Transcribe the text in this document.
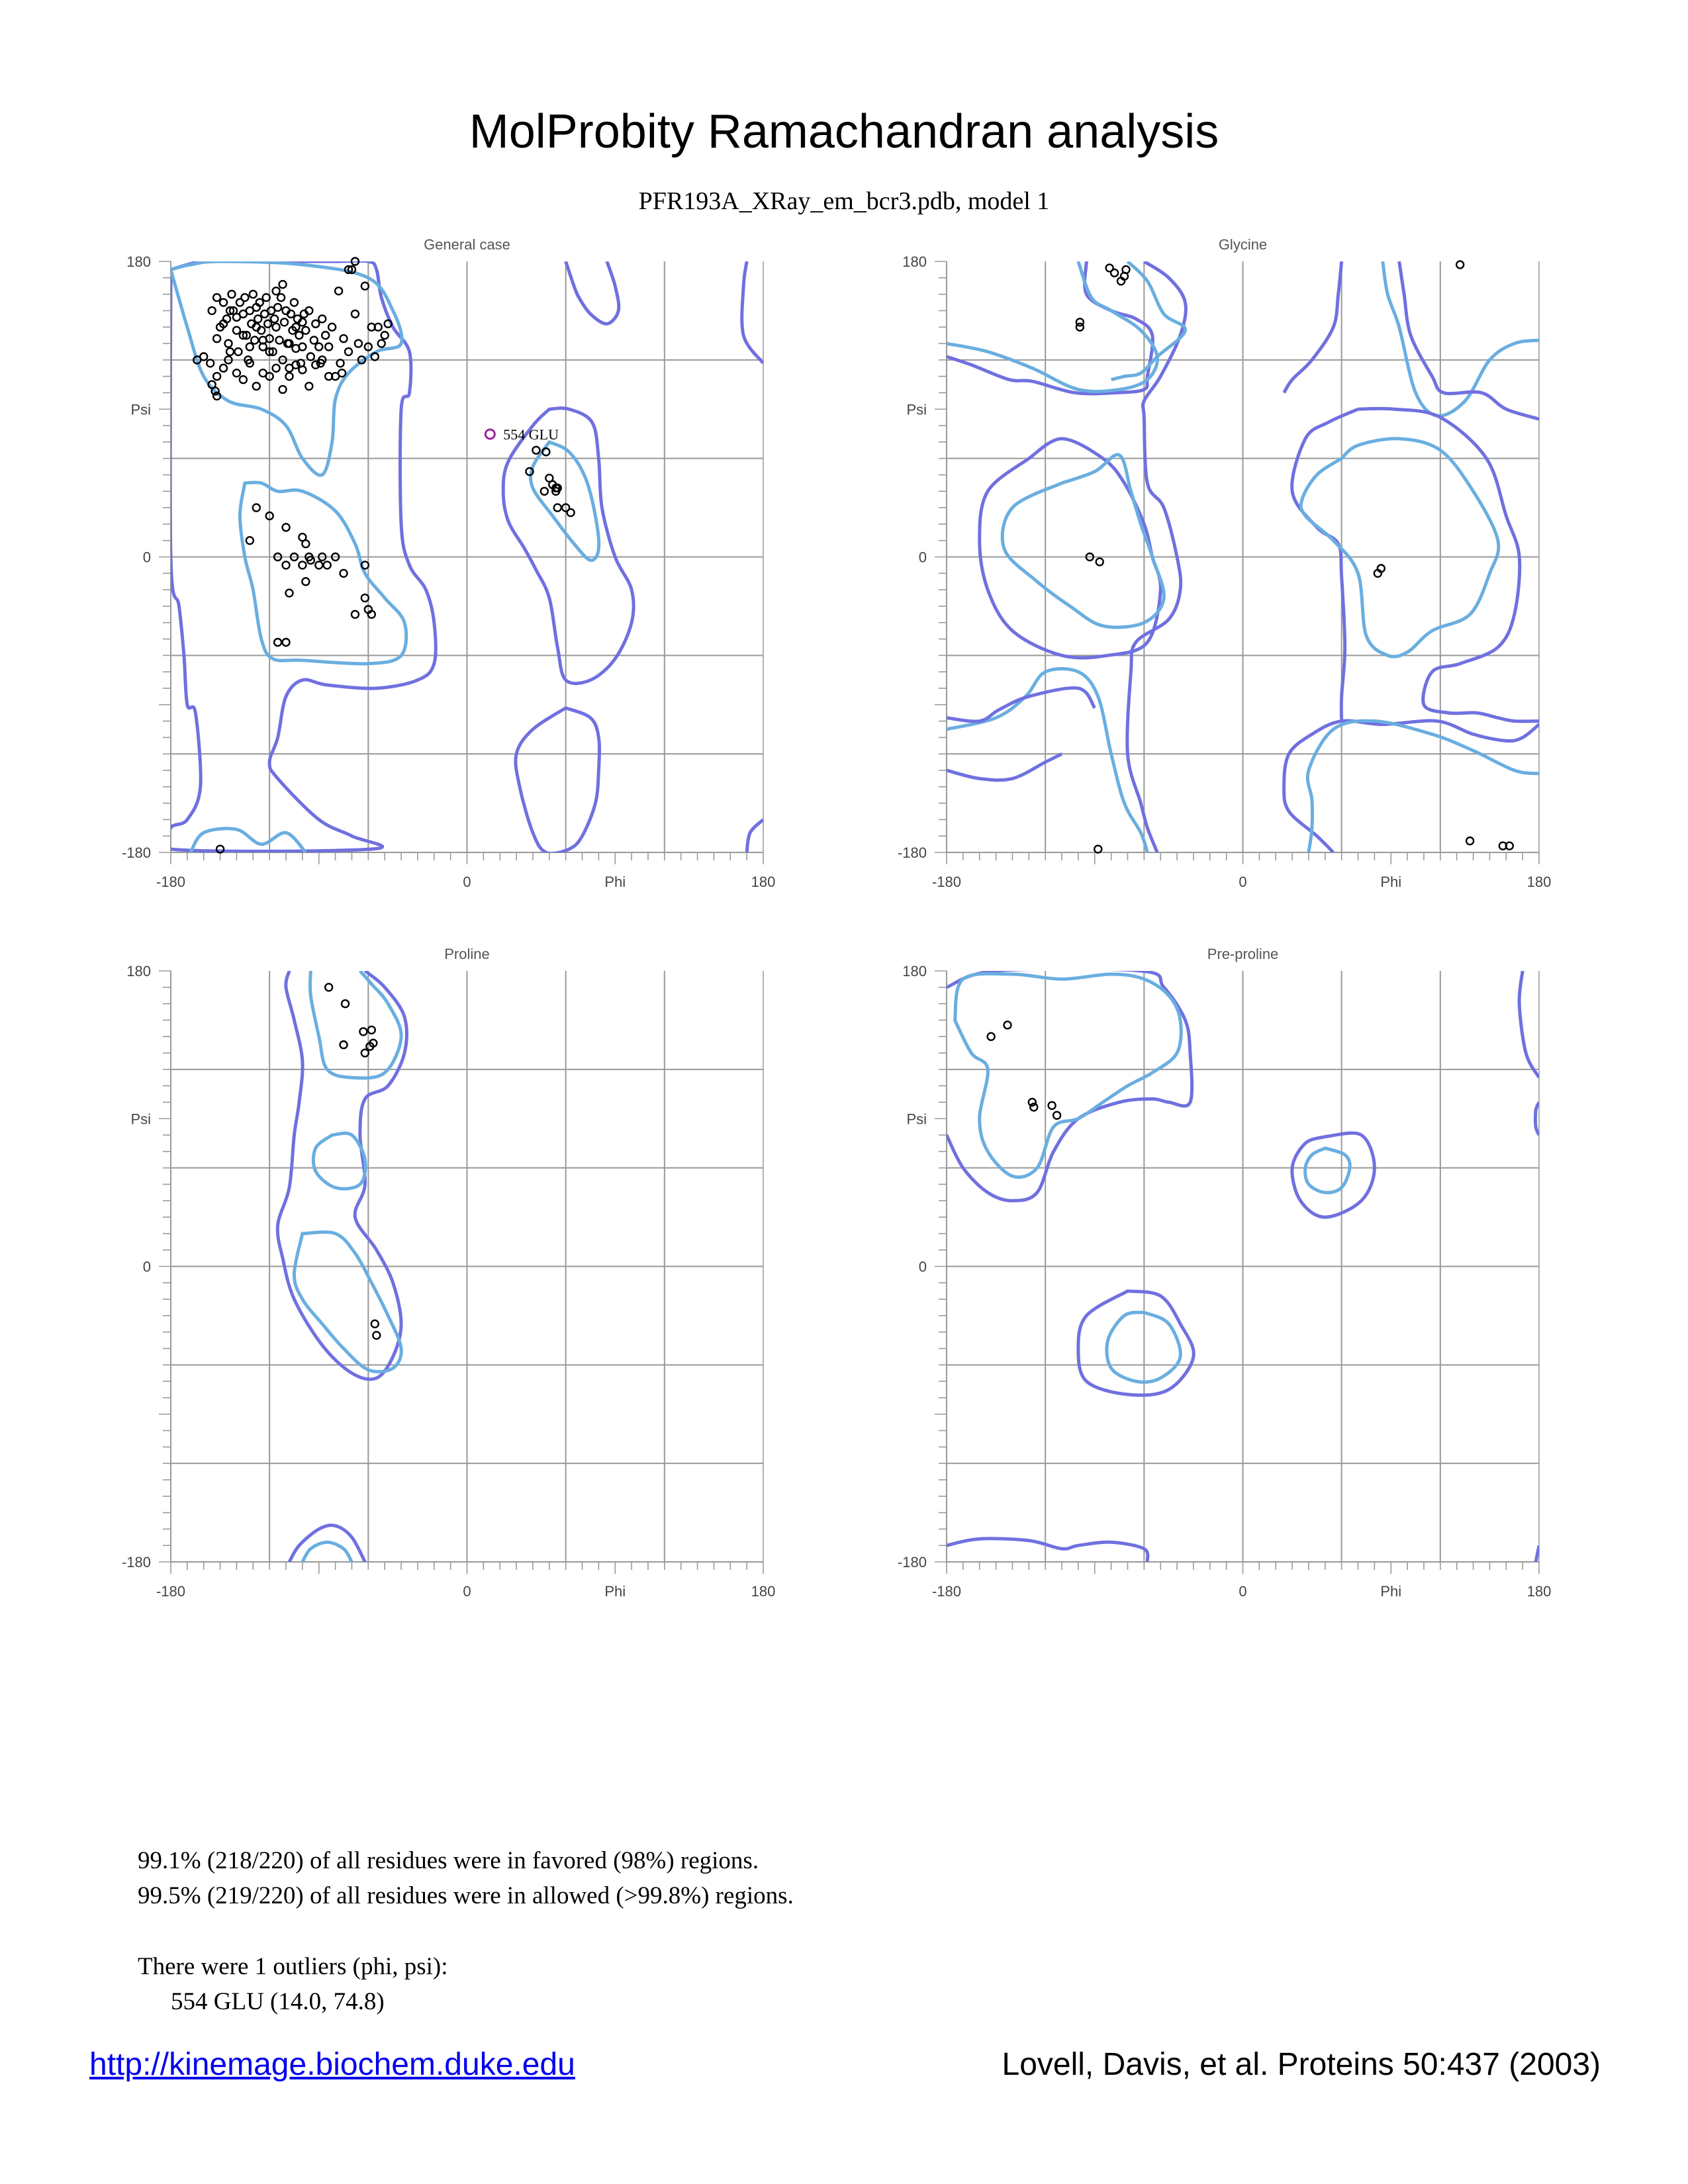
MolProbity Ramachandran analysis
PFR193A_XRay_em_bcr3.pdb, model 1
General case
-180	0	Phi	180
180
Psi
0
-180
554 GLU
Glycine
-180	0	Phi	180
180
Psi
0
-180
Proline
-180	0	Phi	180
180
Psi
0
-180
Pre-proline
-180	0	Phi	180
180
Psi
0
-180
99.1% (218/220) of all residues were in favored (98%) regions.
99.5% (219/220) of all residues were in allowed (>99.8%) regions.
There were 1 outliers (phi, psi):
554 GLU (14.0, 74.8)
http://kinemage.biochem.duke.edu	Lovell, Davis, et al. Proteins 50:437 (2003)
